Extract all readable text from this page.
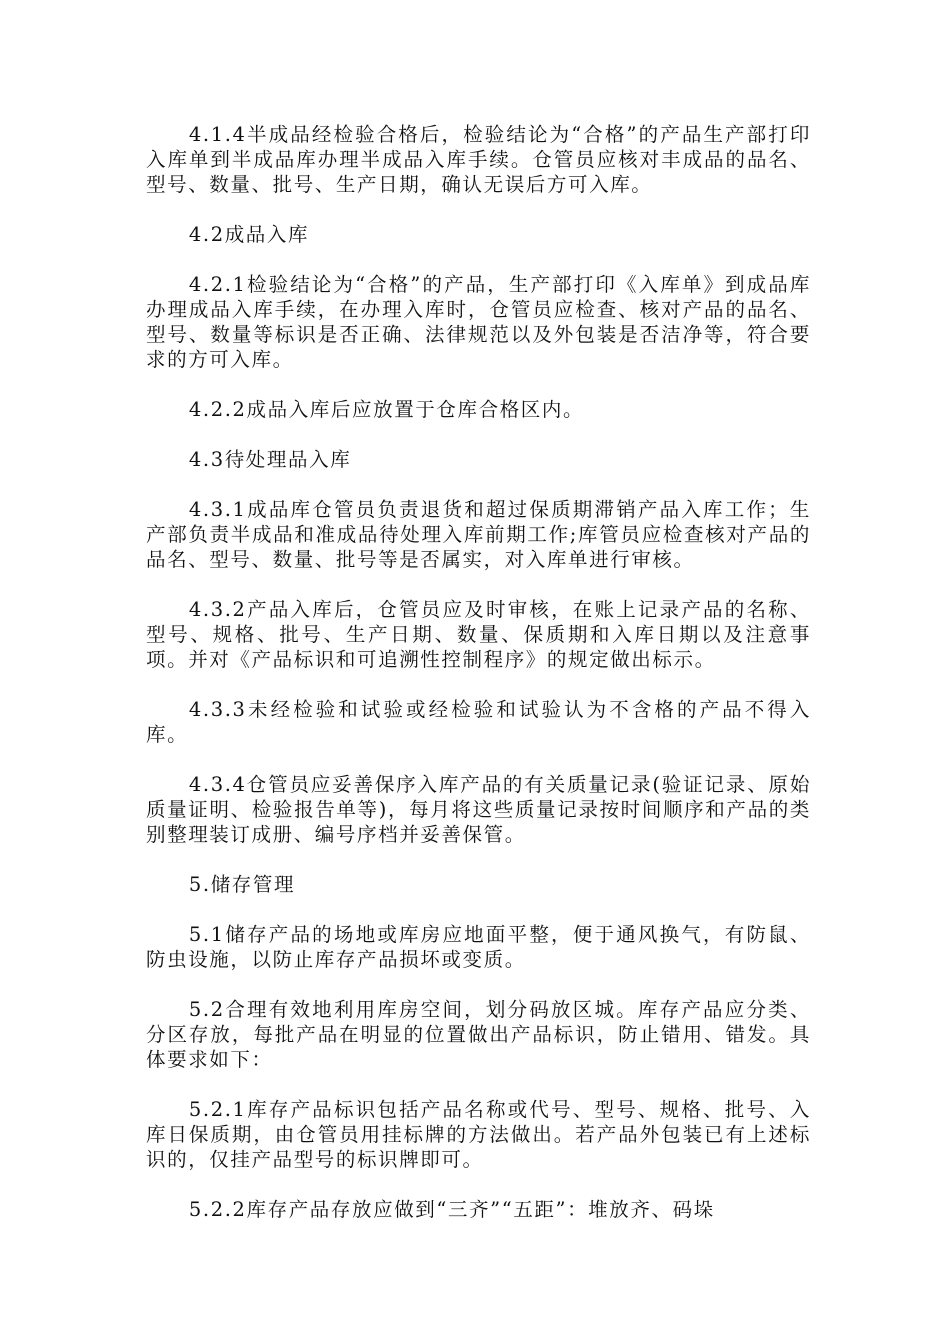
4.1.4半成品经检验合格后，检验结论为“合格”的产品生产部打印入库单到半成品库办理半成品入库手续。仓管员应核对丰成品的品名、型号、数量、批号、生产日期，确认无误后方可入库。

4.2成品入库

4.2.1检验结论为“合格”的产品，生产部打印《入库单》到成品库办理成品入库手续，在办理入库时，仓管员应检查、核对产品的品名、型号、数量等标识是否正确、法律规范以及外包装是否洁净等，符合要求的方可入库。

4.2.2成品入库后应放置于仓库合格区内。

4.3待处理品入库

4.3.1成品库仓管员负责退货和超过保质期滞销产品入库工作；生产部负责半成品和准成品待处理入库前期工作;库管员应检查核对产品的品名、型号、数量、批号等是否属实，对入库单进行审核。

4.3.2产品入库后，仓管员应及时审核，在账上记录产品的名称、型号、规格、批号、生产日期、数量、保质期和入库日期以及注意事项。并对《产品标识和可追溯性控制程序》的规定做出标示。

4.3.3未经检验和试验或经检验和试验认为不含格的产品不得入库。

4.3.4仓管员应妥善保序入库产品的有关质量记录(验证记录、原始质量证明、检验报告单等)，每月将这些质量记录按时间顺序和产品的类别整理装订成册、编号序档并妥善保管。

5.储存管理

5.1储存产品的场地或库房应地面平整，便于通风换气，有防鼠、防虫设施，以防止库存产品损坏或变质。

5.2合理有效地利用库房空间，划分码放区城。库存产品应分类、分区存放，每批产品在明显的位置做出产品标识，防止错用、错发。具体要求如下：

5.2.1库存产品标识包括产品名称或代号、型号、规格、批号、入库日保质期，由仓管员用挂标牌的方法做出。若产品外包装已有上述标识的，仅挂产品型号的标识牌即可。

5.2.2库存产品存放应做到“三齐”“五距”：堆放齐、码垛
